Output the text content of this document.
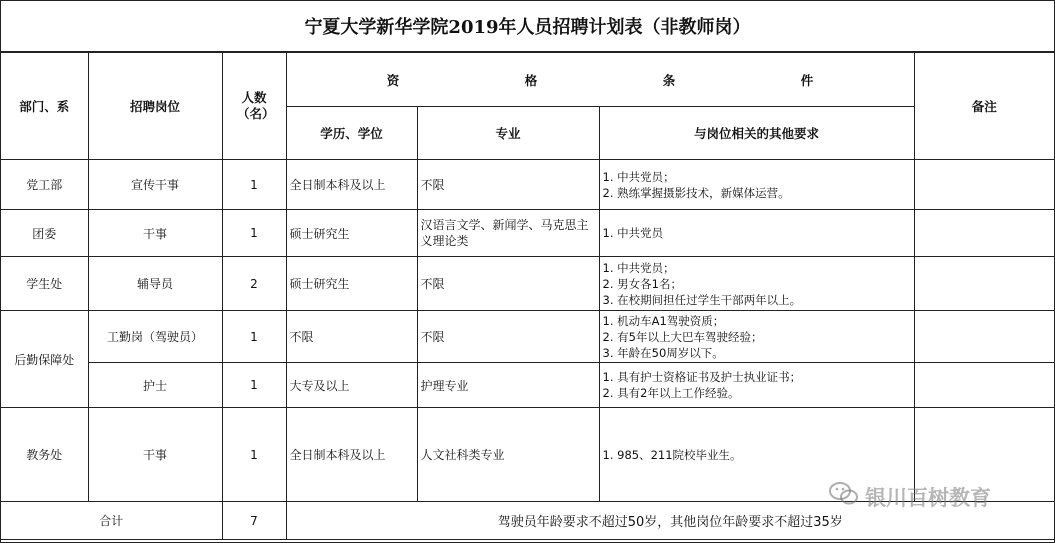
宁夏大学新华学院2019年人员招聘计划表（非教师岗）
部门、系	招聘岗位	人数（名）	资 格 条 件			备注
			学历、学位	专业	与岗位相关的其他要求	
党工部	宣传干事	1	全日制本科及以上	不限	1. 中共党员；
2. 熟练掌握摄影技术，新媒体运营。	

团委	干事	1	硕士研究生	汉语言文学、新闻学、马克思主义理论类	1. 中共党员	

学生处	辅导员	2	硕士研究生	不限	1. 中共党员；
2. 男女各1名；
3. 在校期间担任过学生干部两年以上。	

后勤保障处	工勤岗（驾驶员）	1	不限	不限	1. 机动车A1驾驶资质；
2. 有5年以上大巴车驾驶经验；
3. 年龄在50周岁以下。	

	护士	1	大专及以上	护理专业	1. 具有护士资格证书及护士执业证书；
2. 具有2年以上工作经验。	

教务处	干事	1	全日制本科及以上	人文社科类专业	1. 985、211院校毕业生。	

合计		7	驾驶员年龄要求不超过50岁，其他岗位年龄要求不超过35岁			
银川百树教育
